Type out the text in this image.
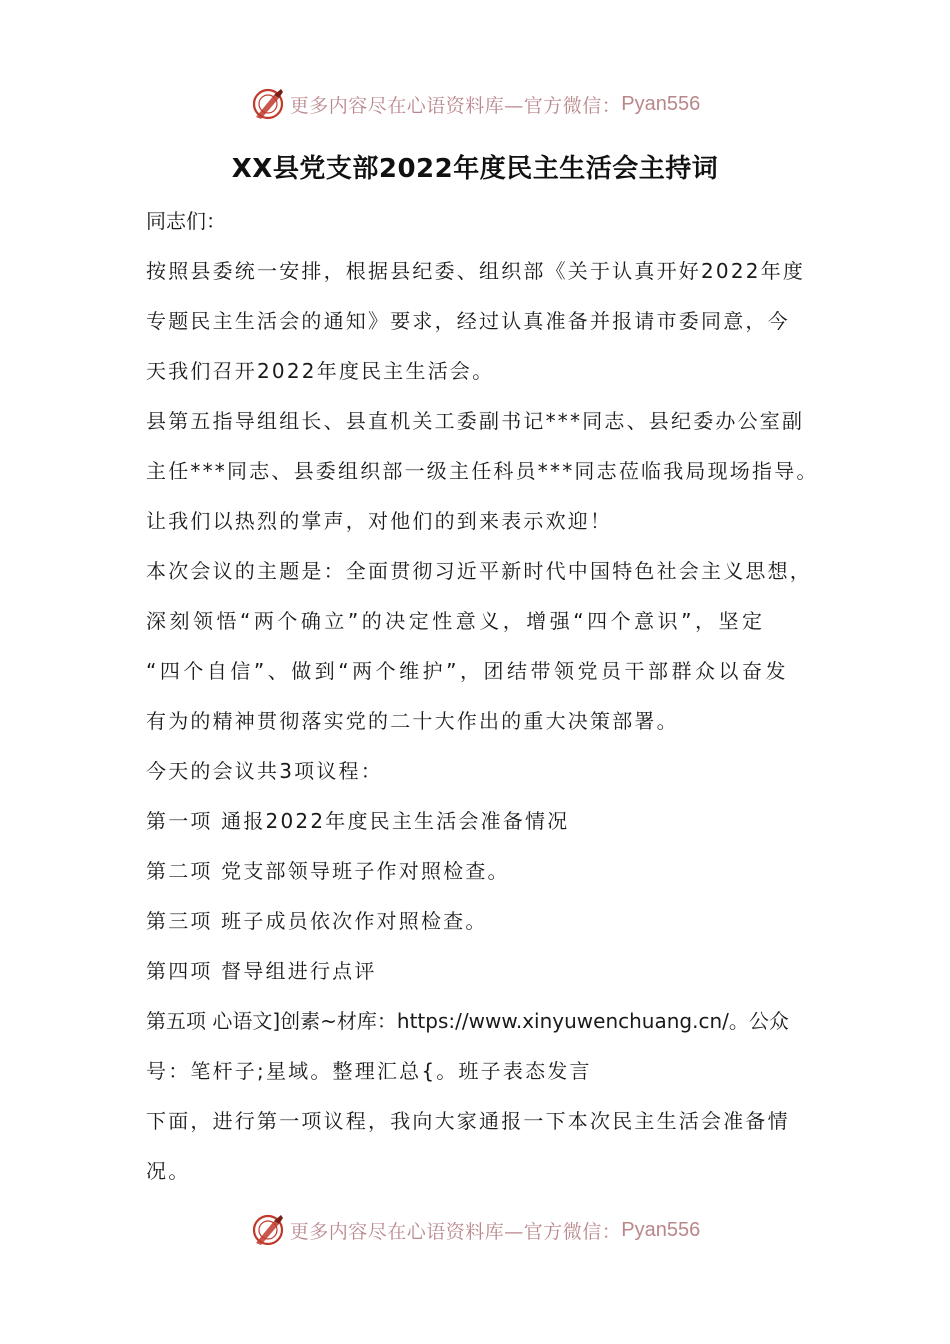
更多内容尽在心语资料库—官方微信： Pyan556
XX县党支部2022年度民主生活会主持词
同志们：
按照县委统一安排，根据县纪委、组织部《关于认真开好2022年度
专题民主生活会的通知》要求，经过认真准备并报请市委同意，今
天我们召开2022年度民主生活会。
县第五指导组组长、县直机关工委副书记***同志、县纪委办公室副
主任***同志、县委组织部一级主任科员***同志莅临我局现场指导。
让我们以热烈的掌声，对他们的到来表示欢迎！
本次会议的主题是：全面贯彻习近平新时代中国特色社会主义思想，
深刻领悟“两个确立”的决定性意义，增强“四个意识”，坚定
“四个自信”、做到“两个维护”，团结带领党员干部群众以奋发
有为的精神贯彻落实党的二十大作出的重大决策部署。
今天的会议共3项议程：
第一项 通报2022年度民主生活会准备情况
第二项 党支部领导班子作对照检查。
第三项 班子成员依次作对照检查。
第四项 督导组进行点评
第五项 心语文]创素~材库：https://www.xinyuwenchuang.cn/。公众
号：笔杆子;星域。整理汇总{。班子表态发言
下面，进行第一项议程，我向大家通报一下本次民主生活会准备情
况。
更多内容尽在心语资料库—官方微信： Pyan556
